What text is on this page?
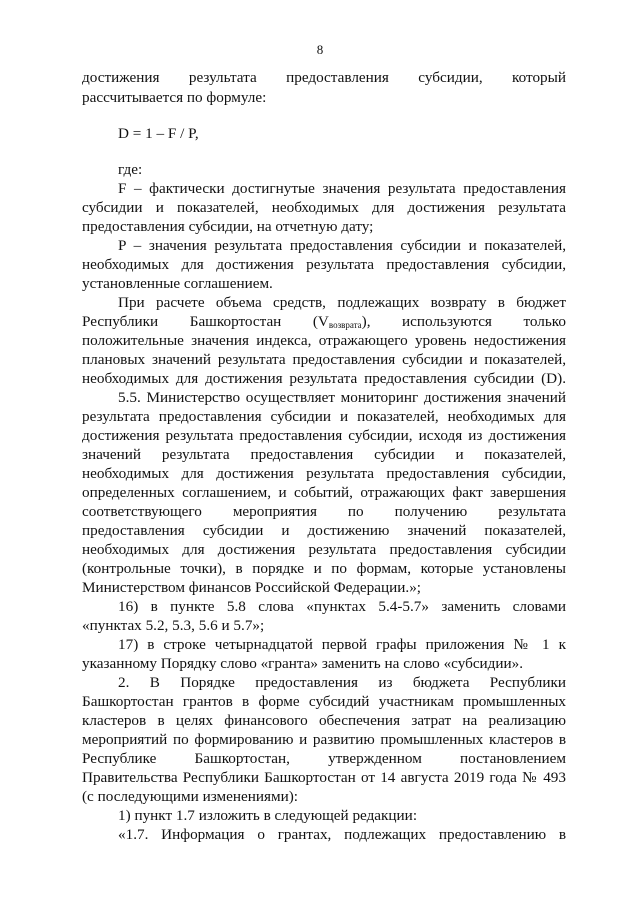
8
достижения результата предоставления субсидии, который
рассчитывается по формуле:
D = 1 – F / P,
где:
F – фактически достигнутые значения результата предоставления
субсидии и показателей, необходимых для достижения результата
предоставления субсидии, на отчетную дату;
P – значения результата предоставления субсидии и показателей,
необходимых для достижения результата предоставления субсидии,
установленные соглашением.
При расчете объема средств, подлежащих возврату в бюджет
Республики Башкортостан $(V_{возврата})$, используются только
положительные значения индекса, отражающего уровень недостижения
плановых значений результата предоставления субсидии и показателей,
необходимых для достижения результата предоставления субсидии (D).
5.5. Министерство осуществляет мониторинг достижения значений
результата предоставления субсидии и показателей, необходимых для
достижения результата предоставления субсидии, исходя из достижения
значений результата предоставления субсидии и показателей,
необходимых для достижения результата предоставления субсидии,
определенных соглашением, и событий, отражающих факт завершения
соответствующего мероприятия по получению результата
предоставления субсидии и достижению значений показателей,
необходимых для достижения результата предоставления субсидии
(контрольные точки), в порядке и по формам, которые установлены
Министерством финансов Российской Федерации.»;
16) в пункте 5.8 слова «пунктах 5.4-5.7» заменить словами
«пунктах 5.2, 5.3, 5.6 и 5.7»;
17) в строке четырнадцатой первой графы приложения № 1 к
указанному Порядку слово «гранта» заменить на слово «субсидии».
2. В Порядке предоставления из бюджета Республики
Башкортостан грантов в форме субсидий участникам промышленных
кластеров в целях финансового обеспечения затрат на реализацию
мероприятий по формированию и развитию промышленных кластеров в
Республике Башкортостан, утвержденном постановлением
Правительства Республики Башкортостан от 14 августа 2019 года № 493
(с последующими изменениями):
1) пункт 1.7 изложить в следующей редакции:
«1.7. Информация о грантах, подлежащих предоставлению в
